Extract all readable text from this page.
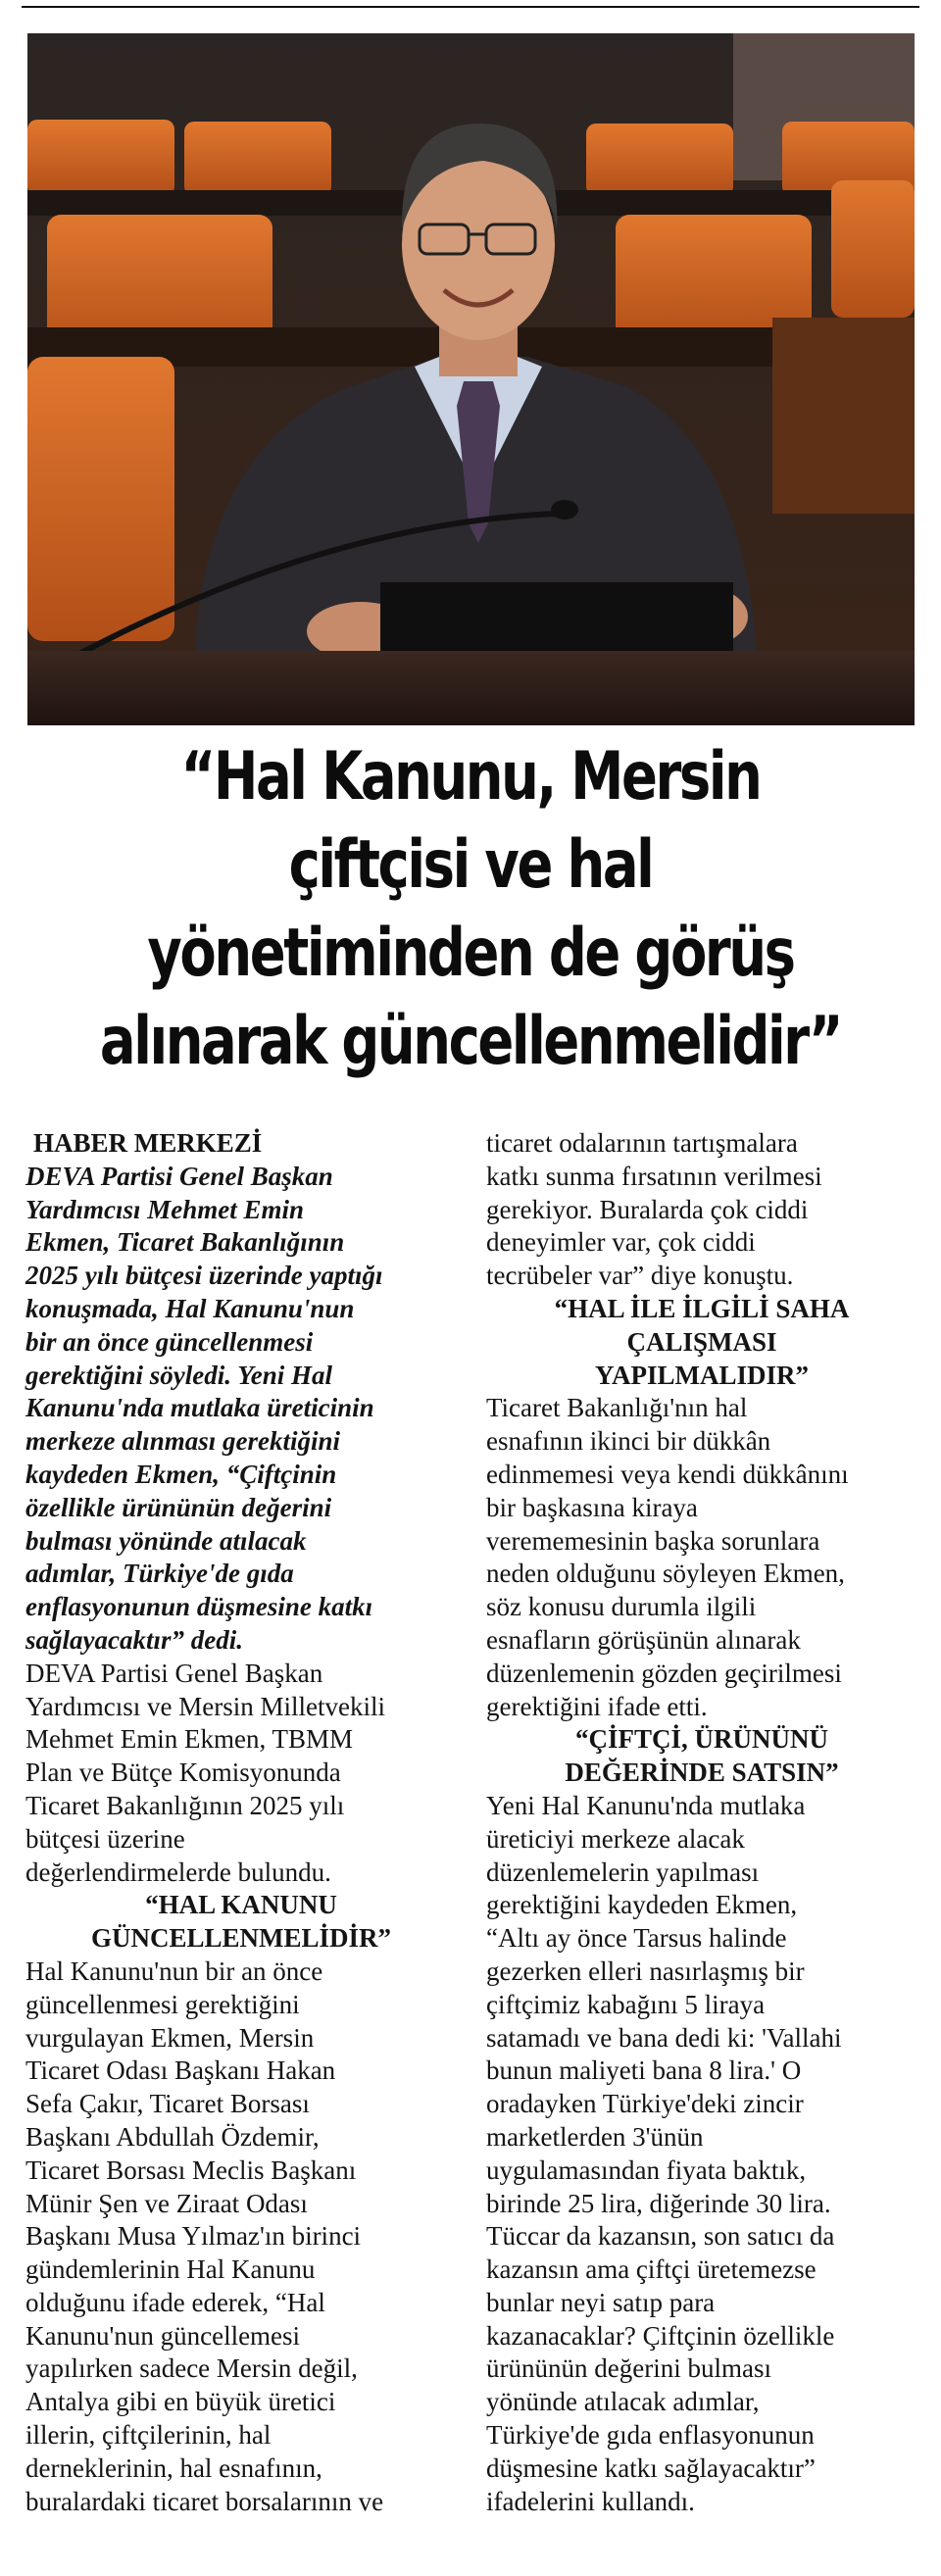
“Hal Kanunu, Mersin
çiftçisi ve hal
yönetiminden de görüş
alınarak güncellenmelidir”
HABER MERKEZİ
DEVA Partisi Genel Başkan
Yardımcısı Mehmet Emin
Ekmen, Ticaret Bakanlığının
2025 yılı bütçesi üzerinde yaptığı
konuşmada, Hal Kanunu'nun
bir an önce güncellenmesi
gerektiğini söyledi. Yeni Hal
Kanunu'nda mutlaka üreticinin
merkeze alınması gerektiğini
kaydeden Ekmen, “Çiftçinin
özellikle ürününün değerini
bulması yönünde atılacak
adımlar, Türkiye'de gıda
enflasyonunun düşmesine katkı
sağlayacaktır” dedi.
DEVA Partisi Genel Başkan
Yardımcısı ve Mersin Milletvekili
Mehmet Emin Ekmen, TBMM
Plan ve Bütçe Komisyonunda
Ticaret Bakanlığının 2025 yılı
bütçesi üzerine
değerlendirmelerde bulundu.
“HAL KANUNU
GÜNCELLENMELİDİR”
Hal Kanunu'nun bir an önce
güncellenmesi gerektiğini
vurgulayan Ekmen, Mersin
Ticaret Odası Başkanı Hakan
Sefa Çakır, Ticaret Borsası
Başkanı Abdullah Özdemir,
Ticaret Borsası Meclis Başkanı
Münir Şen ve Ziraat Odası
Başkanı Musa Yılmaz'ın birinci
gündemlerinin Hal Kanunu
olduğunu ifade ederek, “Hal
Kanunu'nun güncellemesi
yapılırken sadece Mersin değil,
Antalya gibi en büyük üretici
illerin, çiftçilerinin, hal
derneklerinin, hal esnafının,
buralardaki ticaret borsalarının ve
ticaret odalarının tartışmalara
katkı sunma fırsatının verilmesi
gerekiyor. Buralarda çok ciddi
deneyimler var, çok ciddi
tecrübeler var” diye konuştu.
“HAL İLE İLGİLİ SAHA
ÇALIŞMASI
YAPILMALIDIR”
Ticaret Bakanlığı'nın hal
esnafının ikinci bir dükkân
edinmemesi veya kendi dükkânını
bir başkasına kiraya
verememesinin başka sorunlara
neden olduğunu söyleyen Ekmen,
söz konusu durumla ilgili
esnafların görüşünün alınarak
düzenlemenin gözden geçirilmesi
gerektiğini ifade etti.
“ÇİFTÇİ, ÜRÜNÜNÜ
DEĞERİNDE SATSIN”
Yeni Hal Kanunu'nda mutlaka
üreticiyi merkeze alacak
düzenlemelerin yapılması
gerektiğini kaydeden Ekmen,
“Altı ay önce Tarsus halinde
gezerken elleri nasırlaşmış bir
çiftçimiz kabağını 5 liraya
satamadı ve bana dedi ki: 'Vallahi
bunun maliyeti bana 8 lira.' O
oradayken Türkiye'deki zincir
marketlerden 3'ünün
uygulamasından fiyata baktık,
birinde 25 lira, diğerinde 30 lira.
Tüccar da kazansın, son satıcı da
kazansın ama çiftçi üretemezse
bunlar neyi satıp para
kazanacaklar? Çiftçinin özellikle
ürününün değerini bulması
yönünde atılacak adımlar,
Türkiye'de gıda enflasyonunun
düşmesine katkı sağlayacaktır”
ifadelerini kullandı.
